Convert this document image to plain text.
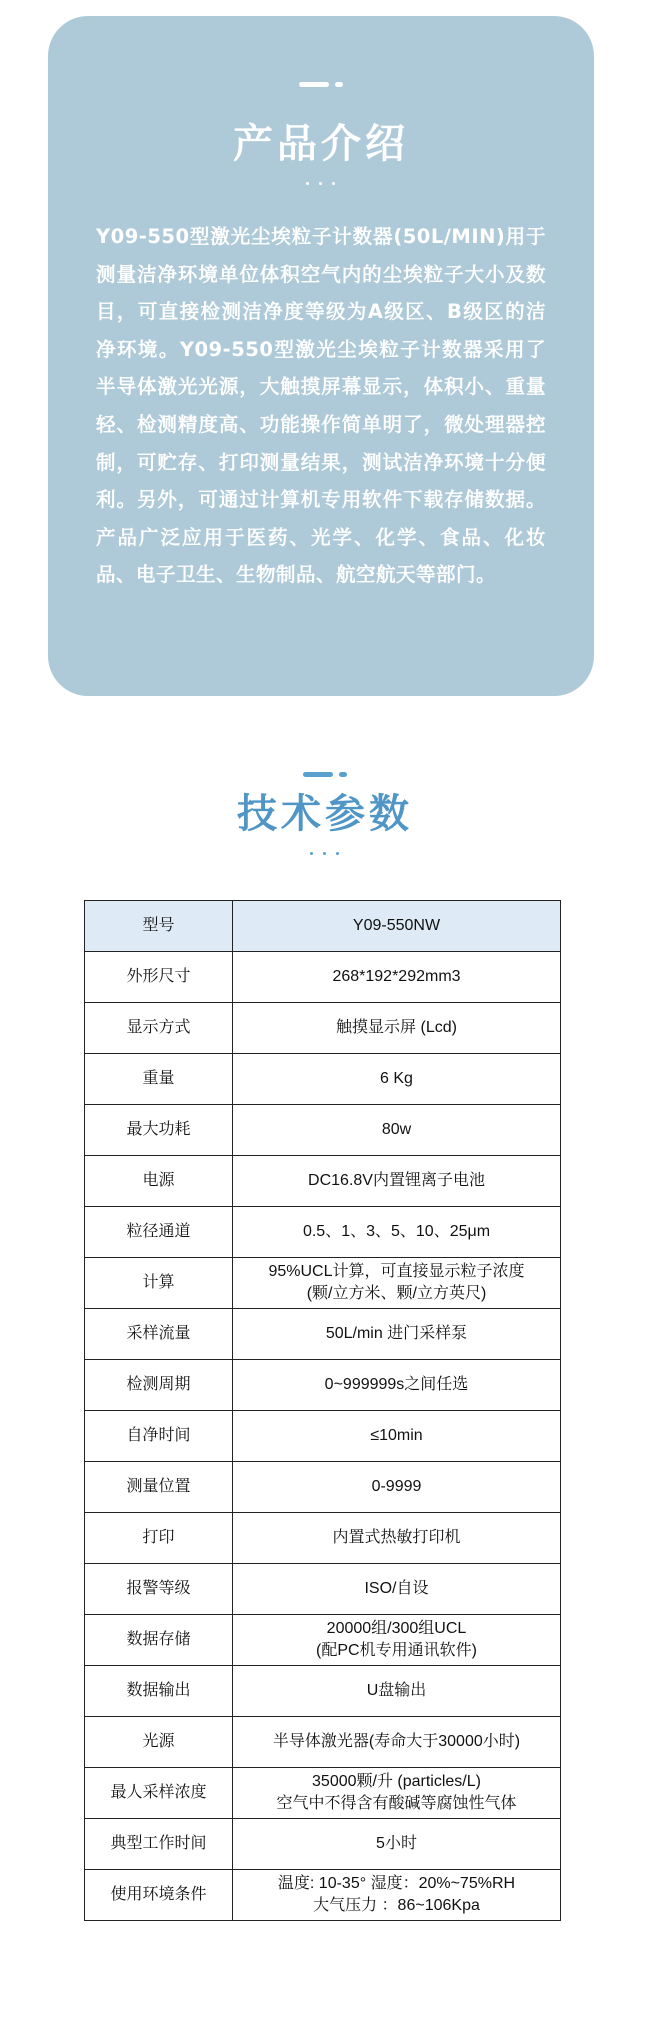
产品介绍

Y09-550型激光尘埃粒子计数器(50L/MIN)用于测量洁净环境单位体积空气内的尘埃粒子大小及数目，可直接检测洁净度等级为A级区、B级区的洁净环境。Y09-550型激光尘埃粒子计数器采用了半导体激光光源，大触摸屏幕显示，体积小、重量轻、检测精度高、功能操作简单明了，微处理器控制，可贮存、打印测量结果，测试洁净环境十分便利。另外，可通过计算机专用软件下载存储数据。产品广泛应用于医药、光学、化学、食品、化妆品、电子卫生、生物制品、航空航天等部门。

技术参数
型号	Y09-550NW

外形尺寸	268*192*292mm3

显示方式	触摸显示屏 (Lcd)

重量	6 Kg

最大功耗	80w

电源	DC16.8V内置锂离子电池

粒径通道	0.5、1、3、5、10、25μm

计算	95%UCL计算，可直接显示粒子浓度
(颗/立方米、颗/立方英尺)

采样流量	50L/min 进门采样泵

检测周期	0~999999s之间任选

自净时间	≤10min

测量位置	0-9999

打印	内置式热敏打印机

报警等级	ISO/自设

数据存储	20000组/300组UCL
(配PC机专用通讯软件)

数据输出	U盘输出

光源	半导体激光器(寿命大于30000小时)

最人采样浓度	35000颗/升 (particles/L)
空气中不得含有酸碱等腐蚀性气体

典型工作时间	5小时

使用环境条件	温度: 10-35° 湿度：20%~75%RH
大气压力 ：86~106Kpa
